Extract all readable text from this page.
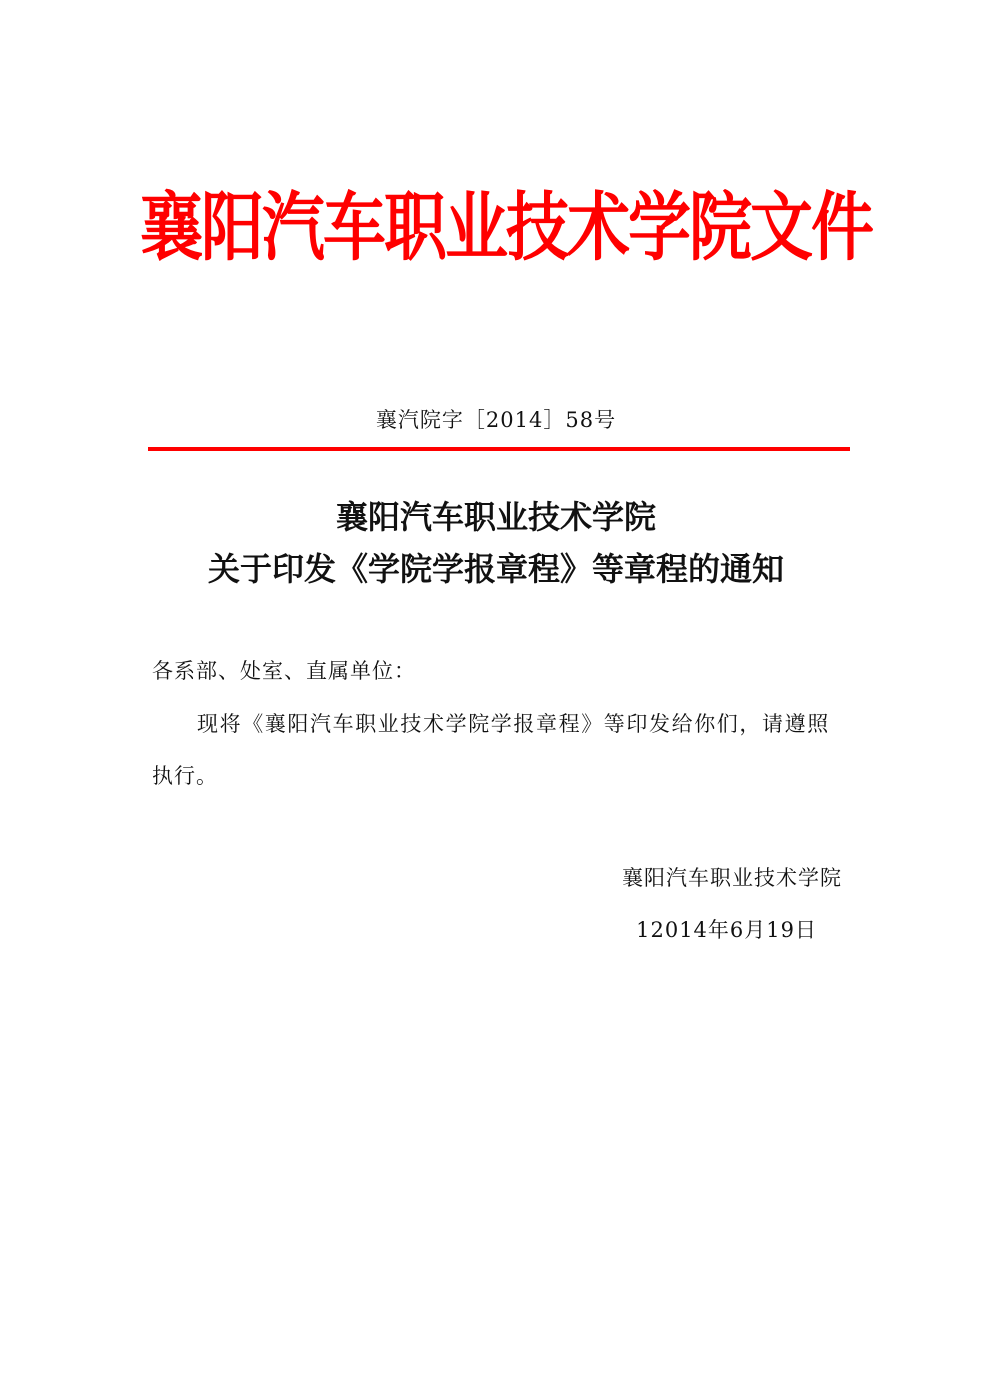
襄阳汽车职业技术学院文件
襄汽院字［2014］58号
襄阳汽车职业技术学院
关于印发《学院学报章程》等章程的通知
各系部、处室、直属单位：
现将《襄阳汽车职业技术学院学报章程》等印发给你们，请遵照
执行。
襄阳汽车职业技术学院
12014年6月19日
